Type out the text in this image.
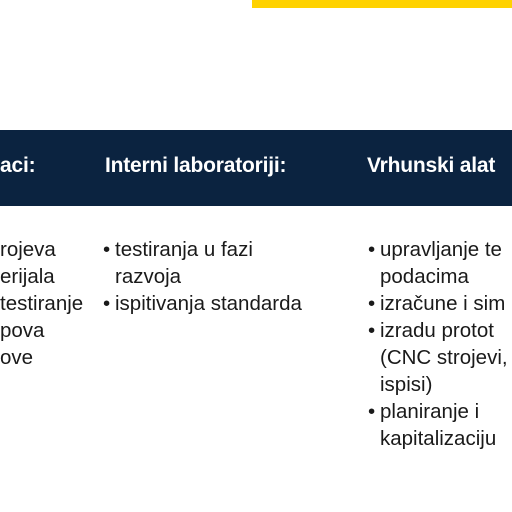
aci:	Interni laboratoriji:	Vrhunski alat
rojeva
erijala
testiranje
pova
ove
• testiranja u fazi
razvoja
• ispitivanja standarda
• upravljanje te
podacima
• izračune i sim
• izradu protot
(CNC strojevi,
ispisi)
• planiranje i
kapitalizaciju
